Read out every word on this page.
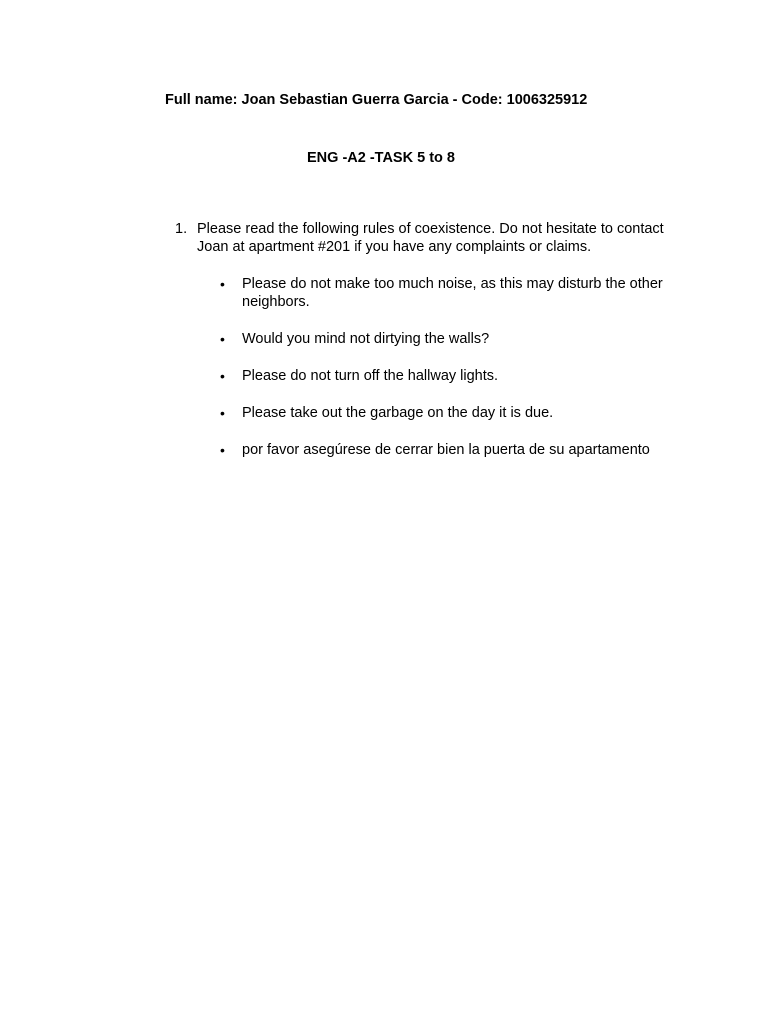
Full name: Joan Sebastian Guerra Garcia - Code: 1006325912
ENG -A2 -TASK 5 to 8
1. Please read the following rules of coexistence. Do not hesitate to contact Joan at apartment #201 if you have any complaints or claims.
• Please do not make too much noise, as this may disturb the other neighbors.
• Would you mind not dirtying the walls?
• Please do not turn off the hallway lights.
• Please take out the garbage on the day it is due.
• por favor asegúrese de cerrar bien la puerta de su apartamento
